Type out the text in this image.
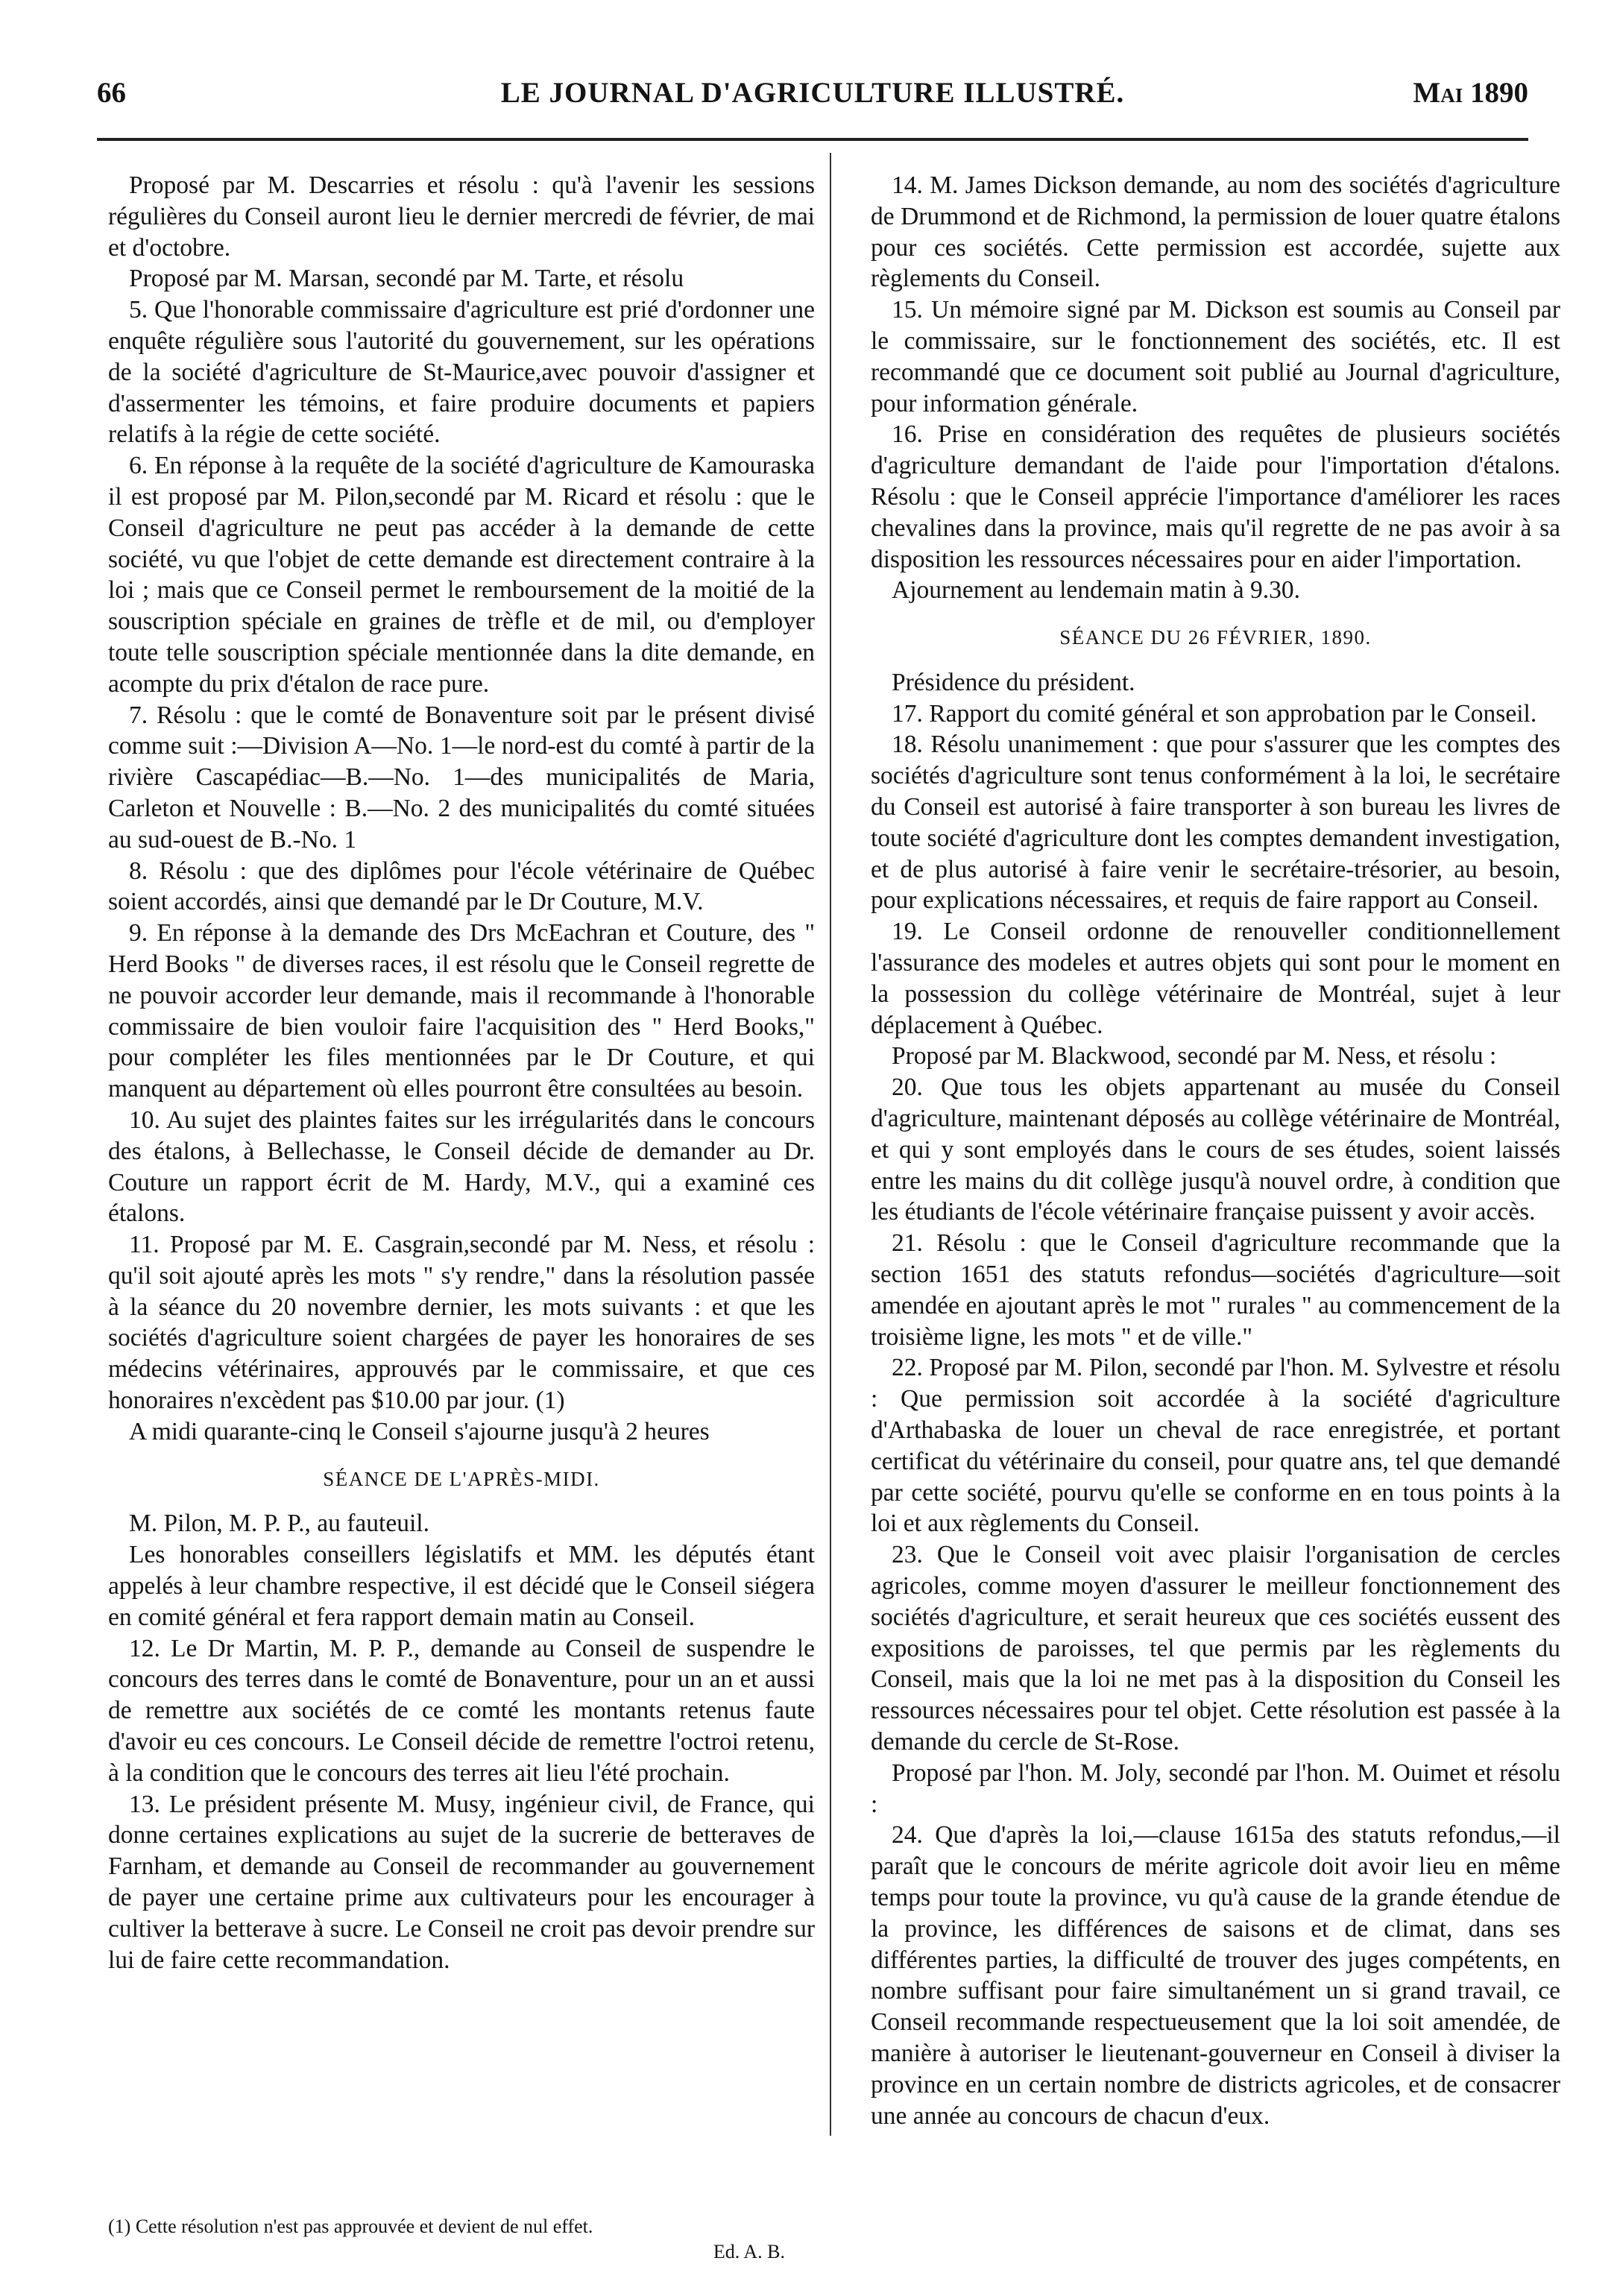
66	LE JOURNAL D'AGRICULTURE ILLUSTRÉ.	Mai 1890

Proposé par M. Descarries et résolu : qu'à l'avenir les sessions régulières du Conseil auront lieu le dernier mercredi de février, de mai et d'octobre.

Proposé par M. Marsan, secondé par M. Tarte, et résolu

5. Que l'honorable commissaire d'agriculture est prié d'ordonner une enquête régulière sous l'autorité du gouvernement, sur les opérations de la société d'agriculture de St-Maurice,avec pouvoir d'assigner et d'assermenter les témoins, et faire produire documents et papiers relatifs à la régie de cette société.

6. En réponse à la requête de la société d'agriculture de Kamouraska il est proposé par M. Pilon,secondé par M. Ricard et résolu : que le Conseil d'agriculture ne peut pas accéder à la demande de cette société, vu que l'objet de cette demande est directement contraire à la loi ; mais que ce Conseil permet le remboursement de la moitié de la souscription spéciale en graines de trèfle et de mil, ou d'employer toute telle souscription spéciale mentionnée dans la dite demande, en acompte du prix d'étalon de race pure.

7. Résolu : que le comté de Bonaventure soit par le présent divisé comme suit :—Division A—No. 1—le nord-est du comté à partir de la rivière Cascapédiac—B.—No. 1—des municipalités de Maria, Carleton et Nouvelle : B.—No. 2 des municipalités du comté situées au sud-ouest de B.-No. 1

8. Résolu : que des diplômes pour l'école vétérinaire de Québec soient accordés, ainsi que demandé par le Dr Couture, M.V.

9. En réponse à la demande des Drs McEachran et Couture, des " Herd Books " de diverses races, il est résolu que le Conseil regrette de ne pouvoir accorder leur demande, mais il recommande à l'honorable commissaire de bien vouloir faire l'acquisition des " Herd Books," pour compléter les files mentionnées par le Dr Couture, et qui manquent au département où elles pourront être consultées au besoin.

10. Au sujet des plaintes faites sur les irrégularités dans le concours des étalons, à Bellechasse, le Conseil décide de demander au Dr. Couture un rapport écrit de M. Hardy, M.V., qui a examiné ces étalons.

11. Proposé par M. E. Casgrain,secondé par M. Ness, et résolu : qu'il soit ajouté après les mots " s'y rendre," dans la résolution passée à la séance du 20 novembre dernier, les mots suivants : et que les sociétés d'agriculture soient chargées de payer les honoraires de ses médecins vétérinaires, approuvés par le commissaire, et que ces honoraires n'excèdent pas $10.00 par jour. (1)

A midi quarante-cinq le Conseil s'ajourne jusqu'à 2 heures

SÉANCE DE L'APRÈS-MIDI.

M. Pilon, M. P. P., au fauteuil.

Les honorables conseillers législatifs et MM. les députés étant appelés à leur chambre respective, il est décidé que le Conseil siégera en comité général et fera rapport demain matin au Conseil.

12. Le Dr Martin, M. P. P., demande au Conseil de suspendre le concours des terres dans le comté de Bonaventure, pour un an et aussi de remettre aux sociétés de ce comté les montants retenus faute d'avoir eu ces concours. Le Conseil décide de remettre l'octroi retenu, à la condition que le concours des terres ait lieu l'été prochain.

13. Le président présente M. Musy, ingénieur civil, de France, qui donne certaines explications au sujet de la sucrerie de betteraves de Farnham, et demande au Conseil de recommander au gouvernement de payer une certaine prime aux cultivateurs pour les encourager à cultiver la betterave à sucre. Le Conseil ne croit pas devoir prendre sur lui de faire cette recommandation.

14. M. James Dickson demande, au nom des sociétés d'agriculture de Drummond et de Richmond, la permission de louer quatre étalons pour ces sociétés. Cette permission est accordée, sujette aux règlements du Conseil.

15. Un mémoire signé par M. Dickson est soumis au Conseil par le commissaire, sur le fonctionnement des sociétés, etc. Il est recommandé que ce document soit publié au Journal d'agriculture, pour information générale.

16. Prise en considération des requêtes de plusieurs sociétés d'agriculture demandant de l'aide pour l'importation d'étalons. Résolu : que le Conseil apprécie l'importance d'améliorer les races chevalines dans la province, mais qu'il regrette de ne pas avoir à sa disposition les ressources nécessaires pour en aider l'importation.

Ajournement au lendemain matin à 9.30.

SÉANCE DU 26 FÉVRIER, 1890.

Présidence du président.

17. Rapport du comité général et son approbation par le Conseil.

18. Résolu unanimement : que pour s'assurer que les comptes des sociétés d'agriculture sont tenus conformément à la loi, le secrétaire du Conseil est autorisé à faire transporter à son bureau les livres de toute société d'agriculture dont les comptes demandent investigation, et de plus autorisé à faire venir le secrétaire-trésorier, au besoin, pour explications nécessaires, et requis de faire rapport au Conseil.

19. Le Conseil ordonne de renouveller conditionnellement l'assurance des modeles et autres objets qui sont pour le moment en la possession du collège vétérinaire de Montréal, sujet à leur déplacement à Québec.

Proposé par M. Blackwood, secondé par M. Ness, et résolu :

20. Que tous les objets appartenant au musée du Conseil d'agriculture, maintenant déposés au collège vétérinaire de Montréal, et qui y sont employés dans le cours de ses études, soient laissés entre les mains du dit collège jusqu'à nouvel ordre, à condition que les étudiants de l'école vétérinaire française puissent y avoir accès.

21. Résolu : que le Conseil d'agriculture recommande que la section 1651 des statuts refondus—sociétés d'agriculture—soit amendée en ajoutant après le mot " rurales " au commencement de la troisième ligne, les mots " et de ville."

22. Proposé par M. Pilon, secondé par l'hon. M. Sylvestre et résolu : Que permission soit accordée à la société d'agriculture d'Arthabaska de louer un cheval de race enregistrée, et portant certificat du vétérinaire du conseil, pour quatre ans, tel que demandé par cette société, pourvu qu'elle se conforme en en tous points à la loi et aux règlements du Conseil.

23. Que le Conseil voit avec plaisir l'organisation de cercles agricoles, comme moyen d'assurer le meilleur fonctionnement des sociétés d'agriculture, et serait heureux que ces sociétés eussent des expositions de paroisses, tel que permis par les règlements du Conseil, mais que la loi ne met pas à la disposition du Conseil les ressources nécessaires pour tel objet. Cette résolution est passée à la demande du cercle de St-Rose.

Proposé par l'hon. M. Joly, secondé par l'hon. M. Ouimet et résolu :

24. Que d'après la loi,—clause 1615a des statuts refondus,—il paraît que le concours de mérite agricole doit avoir lieu en même temps pour toute la province, vu qu'à cause de la grande étendue de la province, les différences de saisons et de climat, dans ses différentes parties, la difficulté de trouver des juges compétents, en nombre suffisant pour faire simultanément un si grand travail, ce Conseil recommande respectueusement que la loi soit amendée, de manière à autoriser le lieutenant-gouverneur en Conseil à diviser la province en un certain nombre de districts agricoles, et de consacrer une année au concours de chacun d'eux.

(1) Cette résolution n'est pas approuvée et devient de nul effet.
Ed. A. B.
